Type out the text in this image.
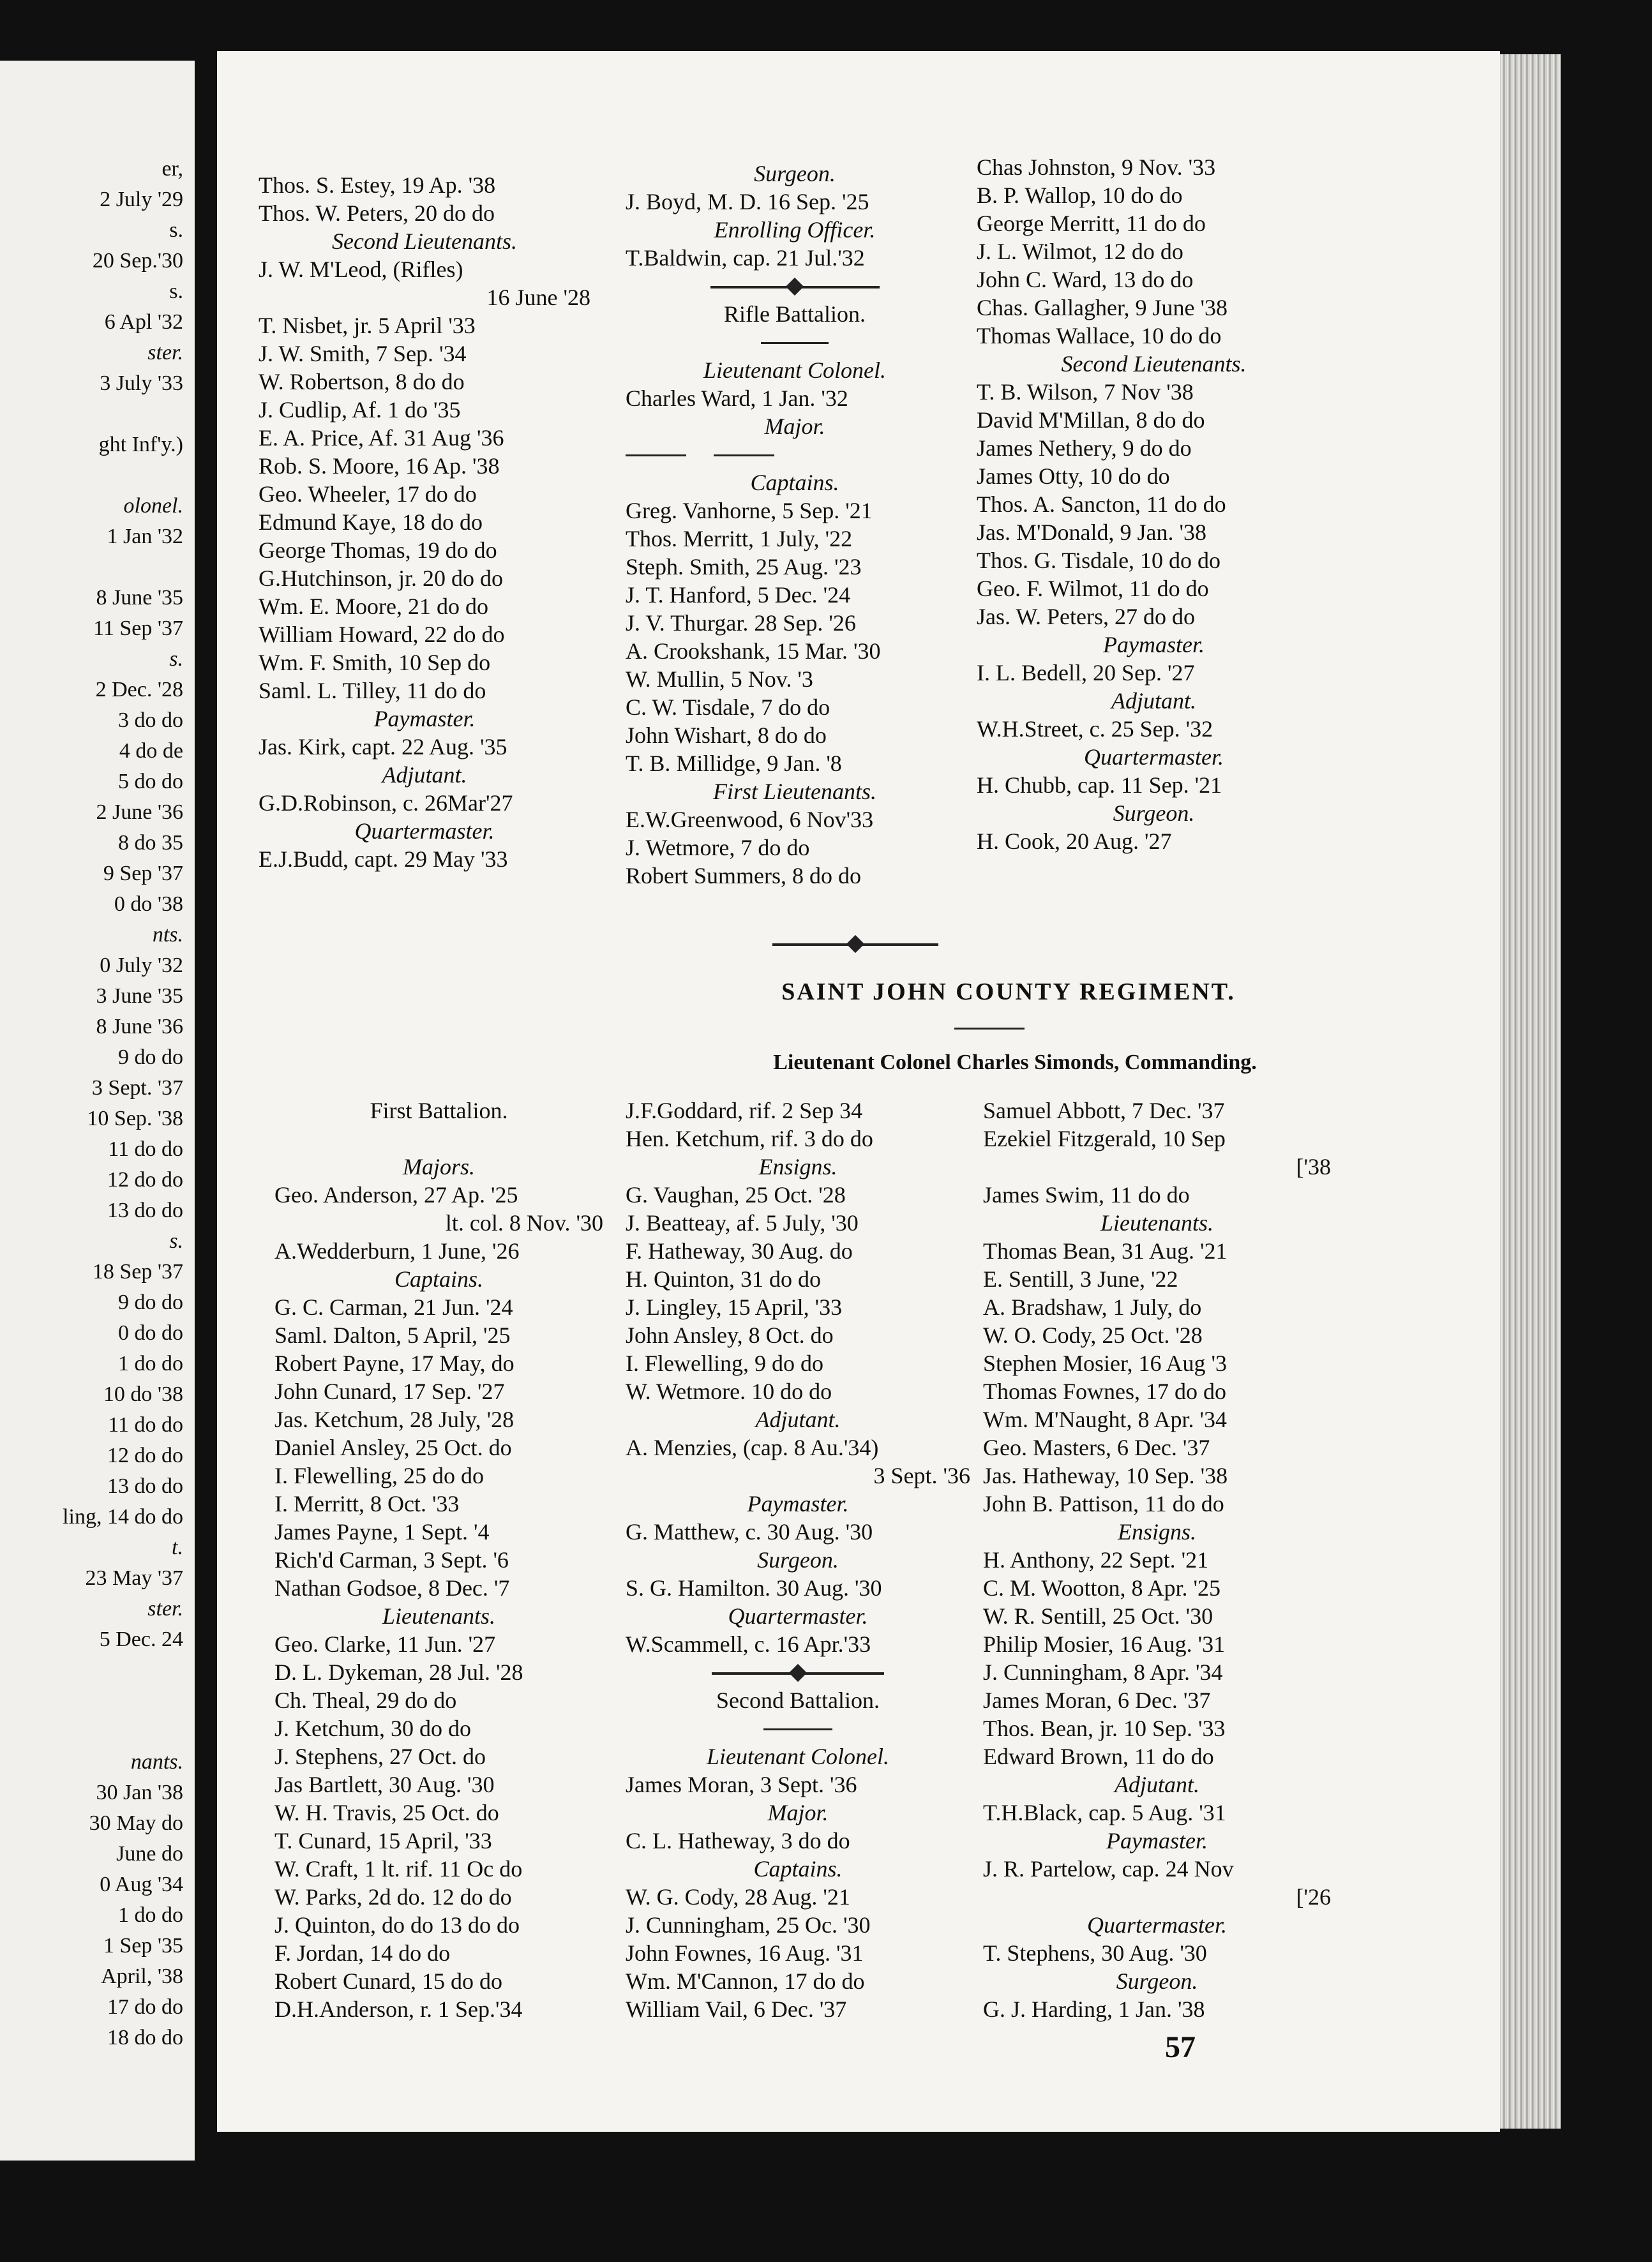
er,
2 July '29
s.
20 Sep.'30
s.
6 Apl '32
ster.
3 July '33
ght Inf'y.)
olonel.
1 Jan '32
8 June '35
11 Sep '37
s.
2 Dec. '28
3 do do
4 do de
5 do do
2 June '36
8 do 35
9 Sep '37
0 do '38
nts.
0 July '32
3 June '35
8 June '36
9 do do
3 Sept. '37
10 Sep. '38
11 do do
12 do do
13 do do
s.
18 Sep '37
9 do do
0 do do
1 do do
10 do '38
11 do do
12 do do
13 do do
ling, 14 do do
t.
23 May '37
ster.
5 Dec. 24
nants.
30 Jan '38
30 May do
June do
0 Aug '34
1 do do
1 Sep '35
April, '38
17 do do
18 do do
Thos. S. Estey, 19 Ap. '38
Thos. W. Peters, 20 do do
Second Lieutenants.
J. W. M'Leod, (Rifles)
16 June '28
T. Nisbet, jr. 5 April '33
J. W. Smith, 7 Sep. '34
W. Robertson, 8 do do
J. Cudlip, Af. 1 do '35
E. A. Price, Af. 31 Aug '36
Rob. S. Moore, 16 Ap. '38
Geo. Wheeler, 17 do do
Edmund Kaye, 18 do do
George Thomas, 19 do do
G.Hutchinson, jr. 20 do do
Wm. E. Moore, 21 do do
William Howard, 22 do do
Wm. F. Smith, 10 Sep do
Saml. L. Tilley, 11 do do
Paymaster.
Jas. Kirk, capt. 22 Aug. '35
Adjutant.
G.D.Robinson, c. 26Mar'27
Quartermaster.
E.J.Budd, capt. 29 May '33
Surgeon.
J. Boyd, M. D. 16 Sep. '25
Enrolling Officer.
T.Baldwin, cap. 21 Jul.'32
Rifle Battalion.
Lieutenant Colonel.
Charles Ward, 1 Jan. '32
Major.
Captains.
Greg. Vanhorne, 5 Sep. '21
Thos. Merritt, 1 July, '22
Steph. Smith, 25 Aug. '23
J. T. Hanford, 5 Dec. '24
J. V. Thurgar. 28 Sep. '26
A. Crookshank, 15 Mar. '30
W. Mullin, 5 Nov. '3
C. W. Tisdale, 7 do do
John Wishart, 8 do do
T. B. Millidge, 9 Jan. '8
First Lieutenants.
E.W.Greenwood, 6 Nov'33
J. Wetmore, 7 do do
Robert Summers, 8 do do
Chas Johnston, 9 Nov. '33
B. P. Wallop, 10 do do
George Merritt, 11 do do
J. L. Wilmot, 12 do do
John C. Ward, 13 do do
Chas. Gallagher, 9 June '38
Thomas Wallace, 10 do do
Second Lieutenants.
T. B. Wilson, 7 Nov '38
David M'Millan, 8 do do
James Nethery, 9 do do
James Otty, 10 do do
Thos. A. Sancton, 11 do do
Jas. M'Donald, 9 Jan. '38
Thos. G. Tisdale, 10 do do
Geo. F. Wilmot, 11 do do
Jas. W. Peters, 27 do do
Paymaster.
I. L. Bedell, 20 Sep. '27
Adjutant.
W.H.Street, c. 25 Sep. '32
Quartermaster.
H. Chubb, cap. 11 Sep. '21
Surgeon.
H. Cook, 20 Aug. '27
SAINT JOHN COUNTY REGIMENT.
Lieutenant Colonel Charles Simonds, Commanding.
First Battalion.
Majors.
Geo. Anderson, 27 Ap. '25
lt. col. 8 Nov. '30
A.Wedderburn, 1 June, '26
Captains.
G. C. Carman, 21 Jun. '24
Saml. Dalton, 5 April, '25
Robert Payne, 17 May, do
John Cunard, 17 Sep. '27
Jas. Ketchum, 28 July, '28
Daniel Ansley, 25 Oct. do
I. Flewelling, 25 do do
I. Merritt, 8 Oct. '33
James Payne, 1 Sept. '4
Rich'd Carman, 3 Sept. '6
Nathan Godsoe, 8 Dec. '7
Lieutenants.
Geo. Clarke, 11 Jun. '27
D. L. Dykeman, 28 Jul. '28
Ch. Theal, 29 do do
J. Ketchum, 30 do do
J. Stephens, 27 Oct. do
Jas Bartlett, 30 Aug. '30
W. H. Travis, 25 Oct. do
T. Cunard, 15 April, '33
W. Craft, 1 lt. rif. 11 Oc do
W. Parks, 2d do. 12 do do
J. Quinton, do do 13 do do
F. Jordan, 14 do do
Robert Cunard, 15 do do
D.H.Anderson, r. 1 Sep.'34
J.F.Goddard, rif. 2 Sep 34
Hen. Ketchum, rif. 3 do do
Ensigns.
G. Vaughan, 25 Oct. '28
J. Beatteay, af. 5 July, '30
F. Hatheway, 30 Aug. do
H. Quinton, 31 do do
J. Lingley, 15 April, '33
John Ansley, 8 Oct. do
I. Flewelling, 9 do do
W. Wetmore. 10 do do
Adjutant.
A. Menzies, (cap. 8 Au.'34)
3 Sept. '36
Paymaster.
G. Matthew, c. 30 Aug. '30
Surgeon.
S. G. Hamilton. 30 Aug. '30
Quartermaster.
W.Scammell, c. 16 Apr.'33
Second Battalion.
Lieutenant Colonel.
James Moran, 3 Sept. '36
Major.
C. L. Hatheway, 3 do do
Captains.
W. G. Cody, 28 Aug. '21
J. Cunningham, 25 Oc. '30
John Fownes, 16 Aug. '31
Wm. M'Cannon, 17 do do
William Vail, 6 Dec. '37
Samuel Abbott, 7 Dec. '37
Ezekiel Fitzgerald, 10 Sep
['38
James Swim, 11 do do
Lieutenants.
Thomas Bean, 31 Aug. '21
E. Sentill, 3 June, '22
A. Bradshaw, 1 July, do
W. O. Cody, 25 Oct. '28
Stephen Mosier, 16 Aug '3
Thomas Fownes, 17 do do
Wm. M'Naught, 8 Apr. '34
Geo. Masters, 6 Dec. '37
Jas. Hatheway, 10 Sep. '38
John B. Pattison, 11 do do
Ensigns.
H. Anthony, 22 Sept. '21
C. M. Wootton, 8 Apr. '25
W. R. Sentill, 25 Oct. '30
Philip Mosier, 16 Aug. '31
J. Cunningham, 8 Apr. '34
James Moran, 6 Dec. '37
Thos. Bean, jr. 10 Sep. '33
Edward Brown, 11 do do
Adjutant.
T.H.Black, cap. 5 Aug. '31
Paymaster.
J. R. Partelow, cap. 24 Nov
['26
Quartermaster.
T. Stephens, 30 Aug. '30
Surgeon.
G. J. Harding, 1 Jan. '38
57
